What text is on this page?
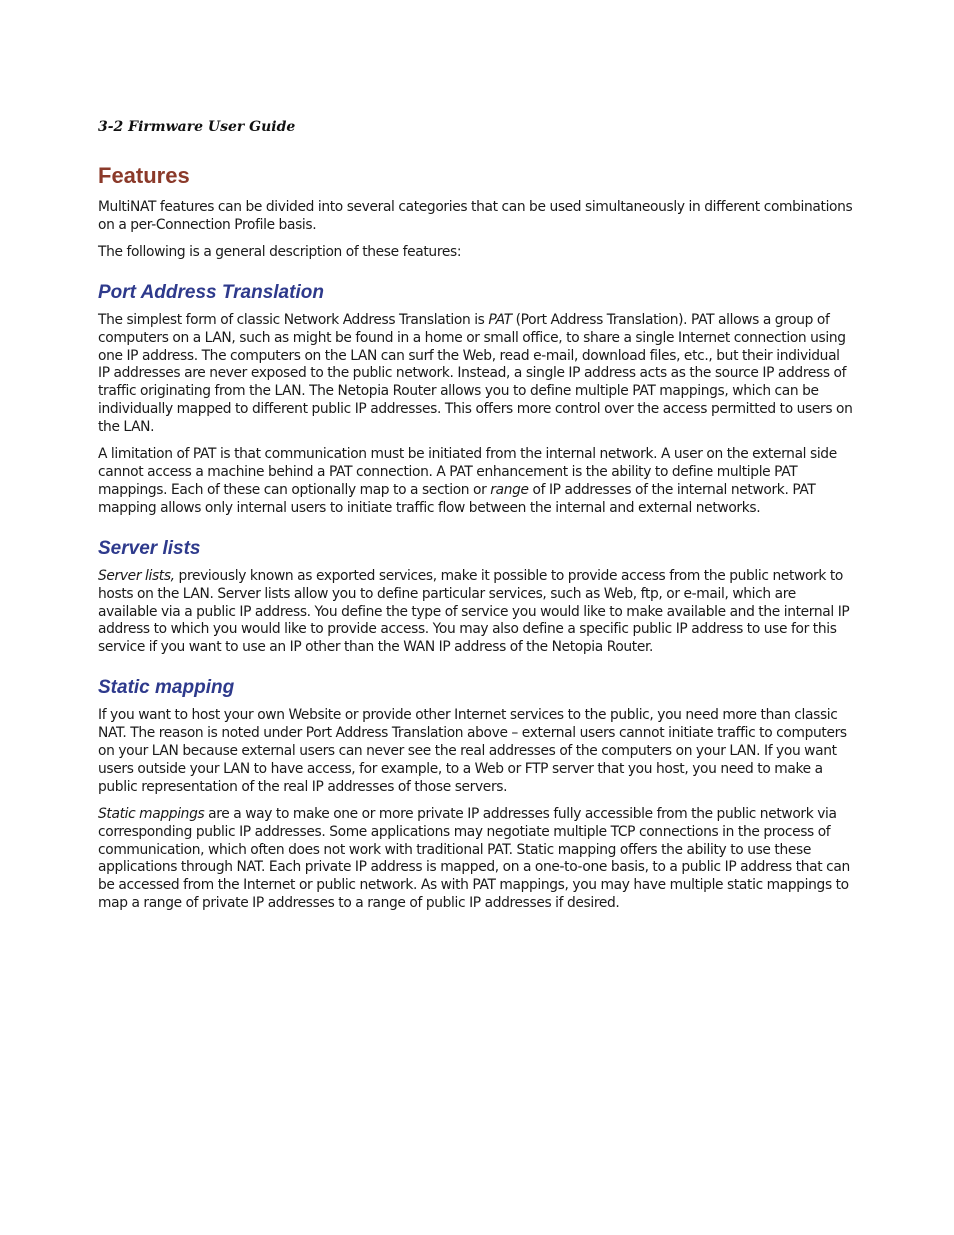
3-2 Firmware User Guide
Features

MultiNAT features can be divided into several categories that can be used simultaneously in different combinations on a per-Connection Profile basis.

The following is a general description of these features:

Port Address Translation

The simplest form of classic Network Address Translation is PAT (Port Address Translation). PAT allows a group of computers on a LAN, such as might be found in a home or small office, to share a single Internet connection using one IP address. The computers on the LAN can surf the Web, read e-mail, download files, etc., but their individual IP addresses are never exposed to the public network. Instead, a single IP address acts as the source IP address of traffic originating from the LAN. The Netopia Router allows you to define multiple PAT mappings, which can be individually mapped to different public IP addresses. This offers more control over the access permitted to users on the LAN.

A limitation of PAT is that communication must be initiated from the internal network. A user on the external side cannot access a machine behind a PAT connection. A PAT enhancement is the ability to define multiple PAT mappings. Each of these can optionally map to a section or range of IP addresses of the internal network. PAT mapping allows only internal users to initiate traffic flow between the internal and external networks.

Server lists

Server lists, previously known as exported services, make it possible to provide access from the public network to hosts on the LAN. Server lists allow you to define particular services, such as Web, ftp, or e-mail, which are available via a public IP address. You define the type of service you would like to make available and the internal IP address to which you would like to provide access. You may also define a specific public IP address to use for this service if you want to use an IP other than the WAN IP address of the Netopia Router.

Static mapping

If you want to host your own Website or provide other Internet services to the public, you need more than classic NAT. The reason is noted under Port Address Translation above – external users cannot initiate traffic to computers on your LAN because external users can never see the real addresses of the computers on your LAN. If you want users outside your LAN to have access, for example, to a Web or FTP server that you host, you need to make a public representation of the real IP addresses of those servers.

Static mappings are a way to make one or more private IP addresses fully accessible from the public network via corresponding public IP addresses. Some applications may negotiate multiple TCP connections in the process of communication, which often does not work with traditional PAT. Static mapping offers the ability to use these applications through NAT. Each private IP address is mapped, on a one-to-one basis, to a public IP address that can be accessed from the Internet or public network. As with PAT mappings, you may have multiple static mappings to map a range of private IP addresses to a range of public IP addresses if desired.
